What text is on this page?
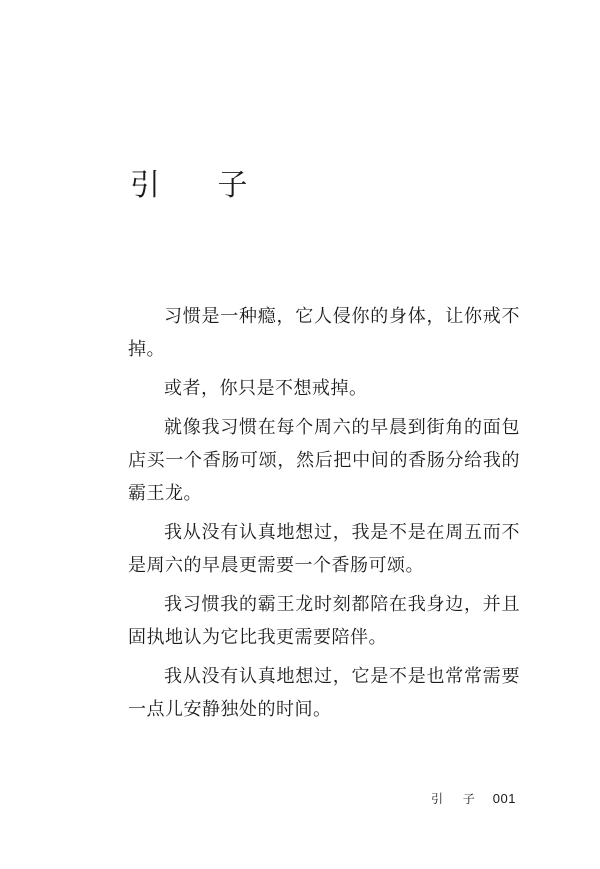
引 子

习惯是一种瘾，它人侵你的身体，让你戒不掉。

或者，你只是不想戒掉。

就像我习惯在每个周六的早晨到街角的面包店买一个香肠可颂，然后把中间的香肠分给我的霸王龙。

我从没有认真地想过，我是不是在周五而不是周六的早晨更需要一个香肠可颂。

我习惯我的霸王龙时刻都陪在我身边，并且固执地认为它比我更需要陪伴。

我从没有认真地想过，它是不是也常常需要一点儿安静独处的时间。

引 子 001
